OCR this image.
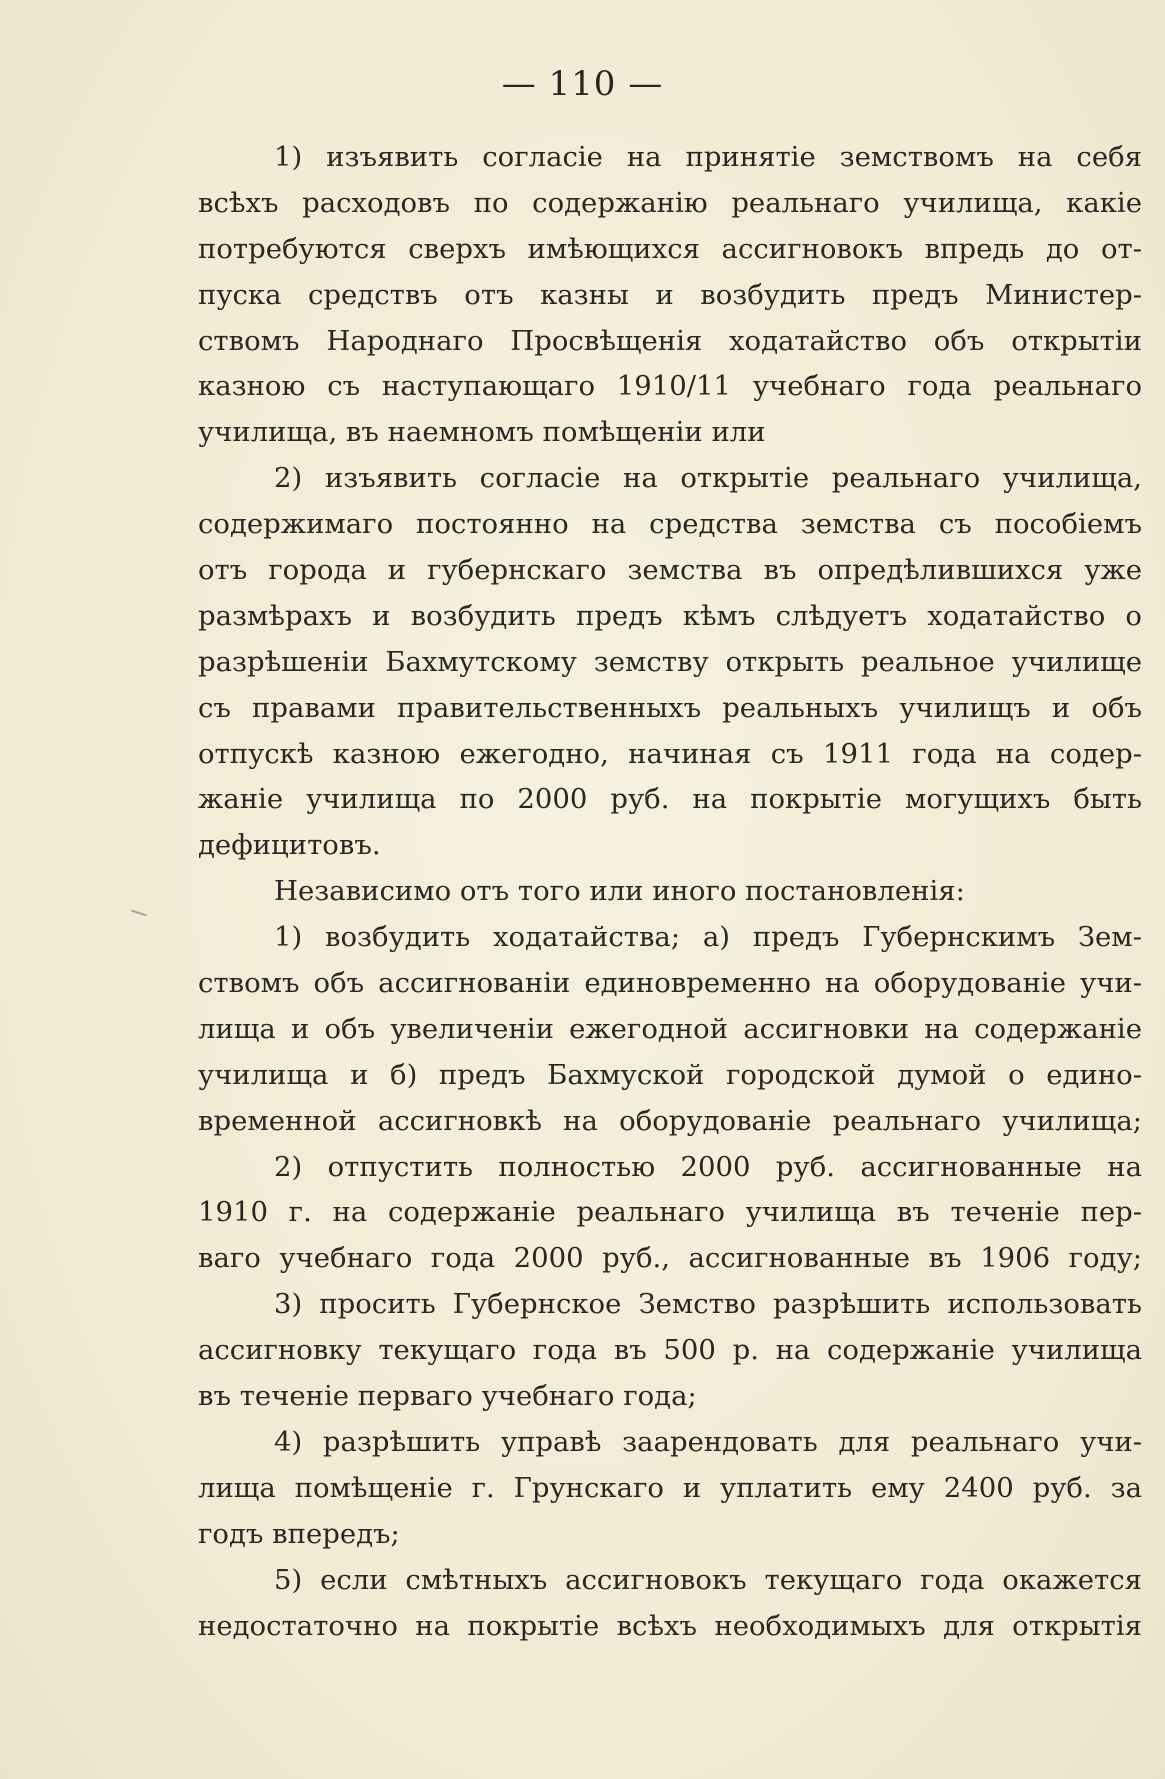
— 110 —
1) изъявить согласіе на принятіе земствомъ на себя
всѣхъ расходовъ по содержанію реальнаго училища, какіе
потребуются сверхъ имѣющихся ассигновокъ впредь до от-
пуска средствъ отъ казны и возбудить предъ Министер-
ствомъ Народнаго Просвѣщенія ходатайство объ открытіи
казною съ наступающаго 1910/11 учебнаго года реальнаго
училища, въ наемномъ помѣщеніи или
2) изъявить согласіе на открытіе реальнаго училища,
содержимаго постоянно на средства земства съ пособіемъ
отъ города и губернскаго земства въ опредѣлившихся уже
размѣрахъ и возбудить предъ кѣмъ слѣдуетъ ходатайство о
разрѣшеніи Бахмутскому земству открыть реальное училище
съ правами правительственныхъ реальныхъ училищъ и объ
отпускѣ казною ежегодно, начиная съ 1911 года на содер-
жаніе училища по 2000 руб. на покрытіе могущихъ быть
дефицитовъ.
Независимо отъ того или иного постановленія:
1) возбудить ходатайства; а) предъ Губернскимъ Зем-
ствомъ объ ассигнованіи единовременно на оборудованіе учи-
лища и объ увеличеніи ежегодной ассигновки на содержаніе
училища и б) предъ Бахмуской городской думой о едино-
временной ассигновкѣ на оборудованіе реальнаго училища;
2) отпустить полностью 2000 руб. ассигнованные на
1910 г. на содержаніе реальнаго училища въ теченіе пер-
ваго учебнаго года 2000 руб., ассигнованные въ 1906 году;
3) просить Губернское Земство разрѣшить использовать
ассигновку текущаго года въ 500 р. на содержаніе училища
въ теченіе перваго учебнаго года;
4) разрѣшить управѣ заарендовать для реальнаго учи-
лища помѣщеніе г. Грунскаго и уплатить ему 2400 руб. за
годъ впередъ;
5) если смѣтныхъ ассигновокъ текущаго года окажется
недостаточно на покрытіе всѣхъ необходимыхъ для открытія
